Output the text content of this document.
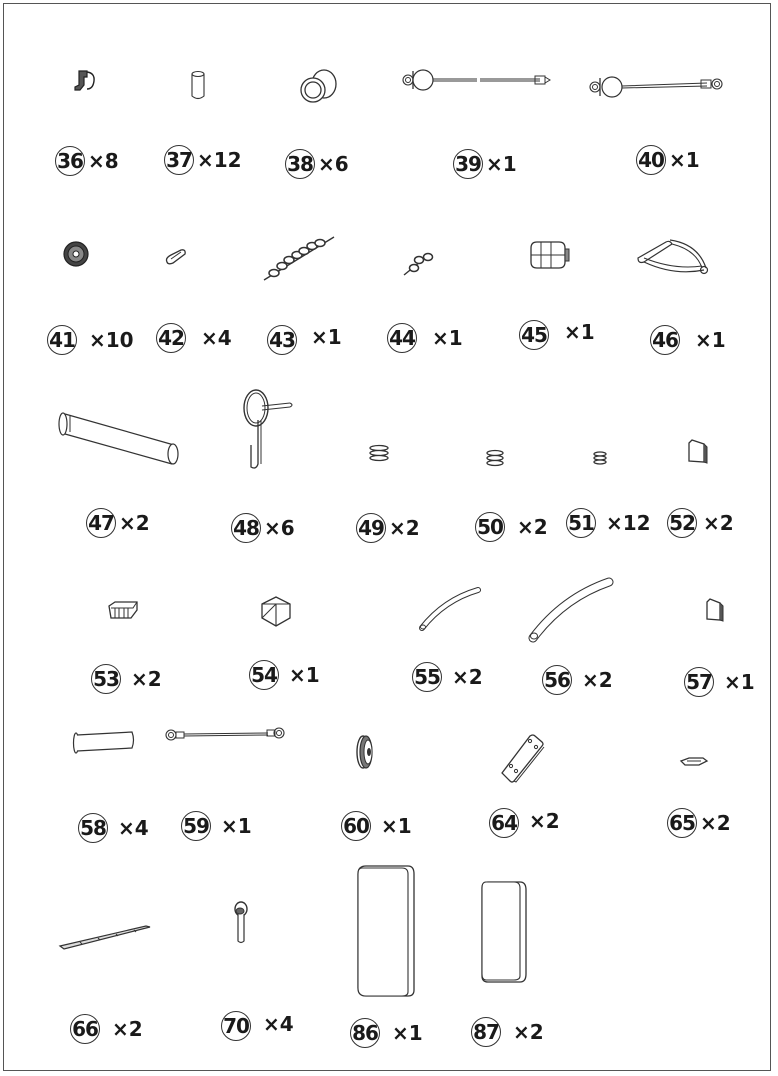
36 ×8 37 ×12 38 ×6	39 ×1	40 ×1
41 ×10 42 ×4 43 ×1 44 ×1	45 ×1	46 ×1
47 ×2	48 ×6	49 ×2	50 ×2 51 ×12 52 ×2
53 ×2	54 ×1	55 ×2	56 ×2	57 ×1
58 ×4 59 ×1	60 ×1	64 ×2	65 ×2
66 ×2	70 ×4	86 ×1	87 ×2
